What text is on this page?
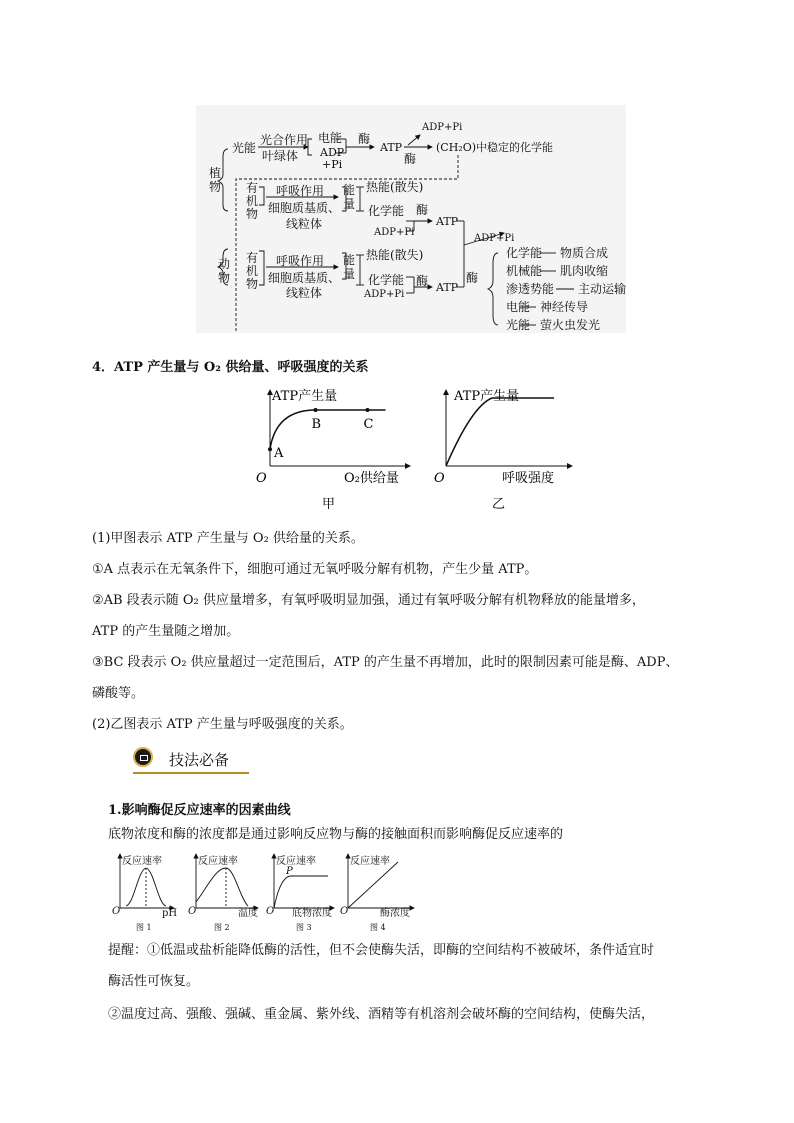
植物
光能
光合作用
叶绿体
电能
ADP
+Pi
酶
ATP
酶
ADP+Pi
(CH₂O)中稳定的化学能
有机物
呼吸作用
细胞质基质、
线粒体
能量
热能(散失)
化学能 酶
ADP+Pi
ATP
ADP+Pi
动物
有机物
呼吸作用
细胞质基质、
线粒体
能量
热能(散失)
化学能 酶
ADP+Pi
ATP
酶
化学能 物质合成
机械能 肌肉收缩
渗透势能 主动运输
电能 神经传导
光能 萤火虫发光
4．ATP 产生量与 O₂ 供给量、呼吸强度的关系
ATP产生量
A
B	C
O	O₂供给量
甲
ATP产生量
O	呼吸强度
乙
(1)甲图表示 ATP 产生量与 O₂ 供给量的关系。
①A 点表示在无氧条件下，细胞可通过无氧呼吸分解有机物，产生少量 ATP。
②AB 段表示随 O₂ 供应量增多，有氧呼吸明显加强，通过有氧呼吸分解有机物释放的能量增多，
ATP 的产生量随之增加。
③BC 段表示 O₂ 供应量超过一定范围后，ATP 的产生量不再增加，此时的限制因素可能是酶、ADP、
磷酸等。
(2)乙图表示 ATP 产生量与呼吸强度的关系。
技法必备
1.影响酶促反应速率的因素曲线
底物浓度和酶的浓度都是通过影响反应物与酶的接触面积而影响酶促反应速率的
反应速率
O	pH
图 1
反应速率
O	温度
图 2
反应速率
P
O 底物浓度
图 3
反应速率
O	酶浓度
图 4
提醒：①低温或盐析能降低酶的活性，但不会使酶失活，即酶的空间结构不被破坏，条件适宜时
酶活性可恢复。
②温度过高、强酸、强碱、重金属、紫外线、酒精等有机溶剂会破坏酶的空间结构，使酶失活，
